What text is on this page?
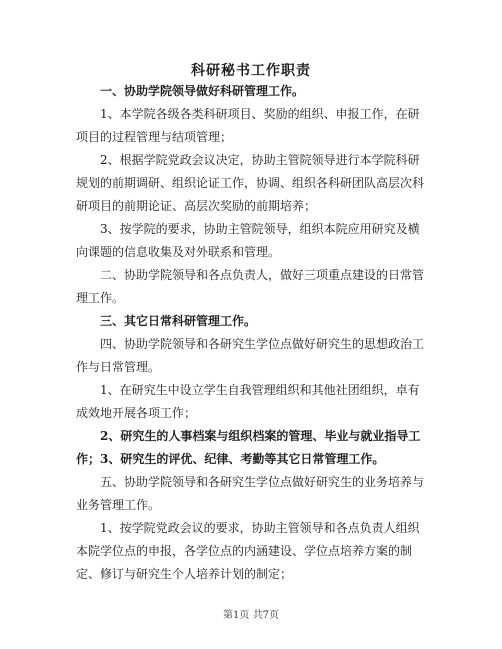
科研秘书工作职责

一、协助学院领导做好科研管理工作。

1、本学院各级各类科研项目、奖励的组织、申报工作，在研项目的过程管理与结项管理；

2、根据学院党政会议决定，协助主管院领导进行本学院科研规划的前期调研、组织论证工作，协调、组织各科研团队高层次科研项目的前期论证、高层次奖励的前期培养；

3、按学院的要求，协助主管院领导，组织本院应用研究及横向课题的信息收集及对外联系和管理。

二、协助学院领导和各点负责人，做好三项重点建设的日常管理工作。

三、其它日常科研管理工作。

四、协助学院领导和各研究生学位点做好研究生的思想政治工作与日常管理。

1、在研究生中设立学生自我管理组织和其他社团组织，卓有成效地开展各项工作；

2、研究生的人事档案与组织档案的管理、毕业与就业指导工作； 3、研究生的评优、纪律、考勤等其它日常管理工作。

五、协助学院领导和各研究生学位点做好研究生的业务培养与业务管理工作。

1、按学院党政会议的要求，协助主管领导和各点负责人组织本院学位点的申报，各学位点的内涵建设、学位点培养方案的制定、修订与研究生个人培养计划的制定；

第1页 共7页
